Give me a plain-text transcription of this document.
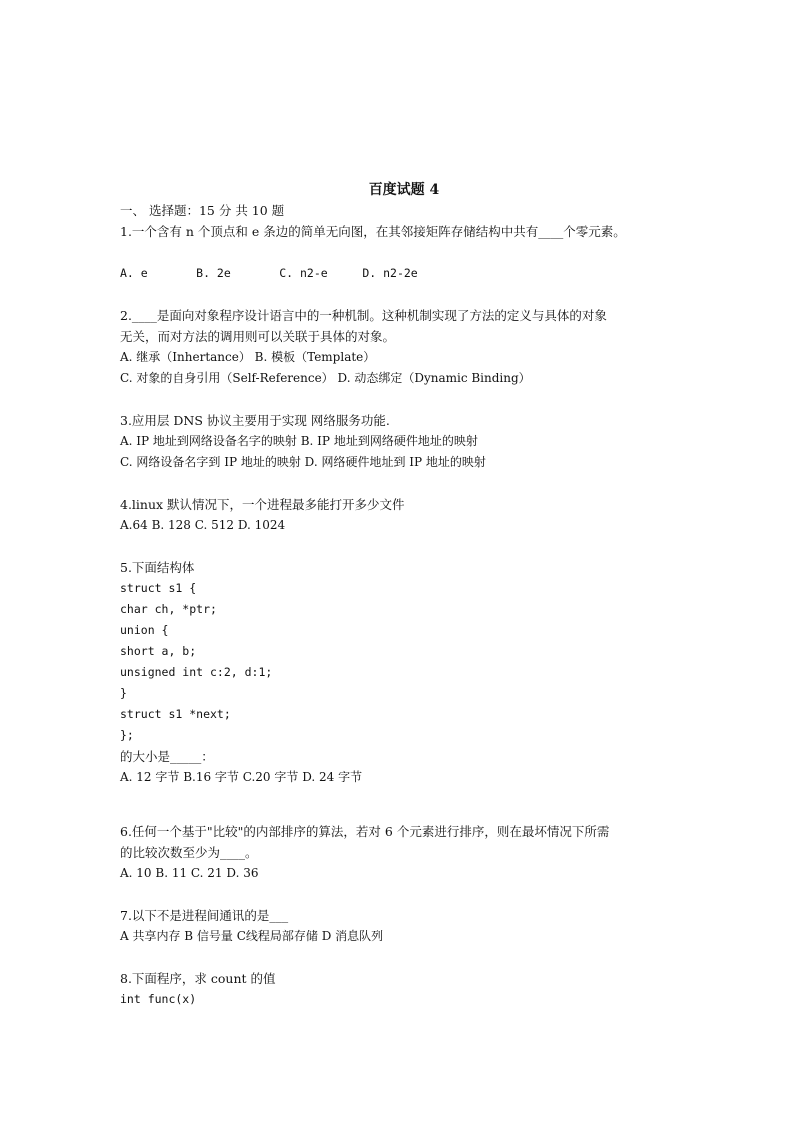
百度试题 4
一、 选择题：15 分 共 10 题
1.一个含有 n 个顶点和 e 条边的简单无向图，在其邻接矩阵存储结构中共有____个零元素。
A. e       B. 2e       C. n2-e     D. n2-2e
2.____是面向对象程序设计语言中的一种机制。这种机制实现了方法的定义与具体的对象
无关，而对方法的调用则可以关联于具体的对象。
A. 继承（Inhertance） B. 模板（Template）
C. 对象的自身引用（Self-Reference） D. 动态绑定（Dynamic Binding）
3.应用层 DNS 协议主要用于实现 网络服务功能.
A. IP 地址到网络设备名字的映射 B. IP 地址到网络硬件地址的映射
C. 网络设备名字到 IP 地址的映射 D. 网络硬件地址到 IP 地址的映射
4.linux 默认情况下，一个进程最多能打开多少文件
A.64 B. 128 C. 512 D. 1024
5.下面结构体
struct s1 {
char ch, *ptr;
union {
short a, b;
unsigned int c:2, d:1;
}
struct s1 *next;
};
的大小是_____：
A. 12 字节 B.16 字节 C.20 字节 D. 24 字节
6.任何一个基于"比较"的内部排序的算法，若对 6 个元素进行排序，则在最坏情况下所需
的比较次数至少为____。
A. 10 B. 11 C. 21 D. 36
7.以下不是进程间通讯的是___
A 共享内存 B 信号量 C线程局部存储 D 消息队列
8.下面程序，求 count 的值
int func(x)
